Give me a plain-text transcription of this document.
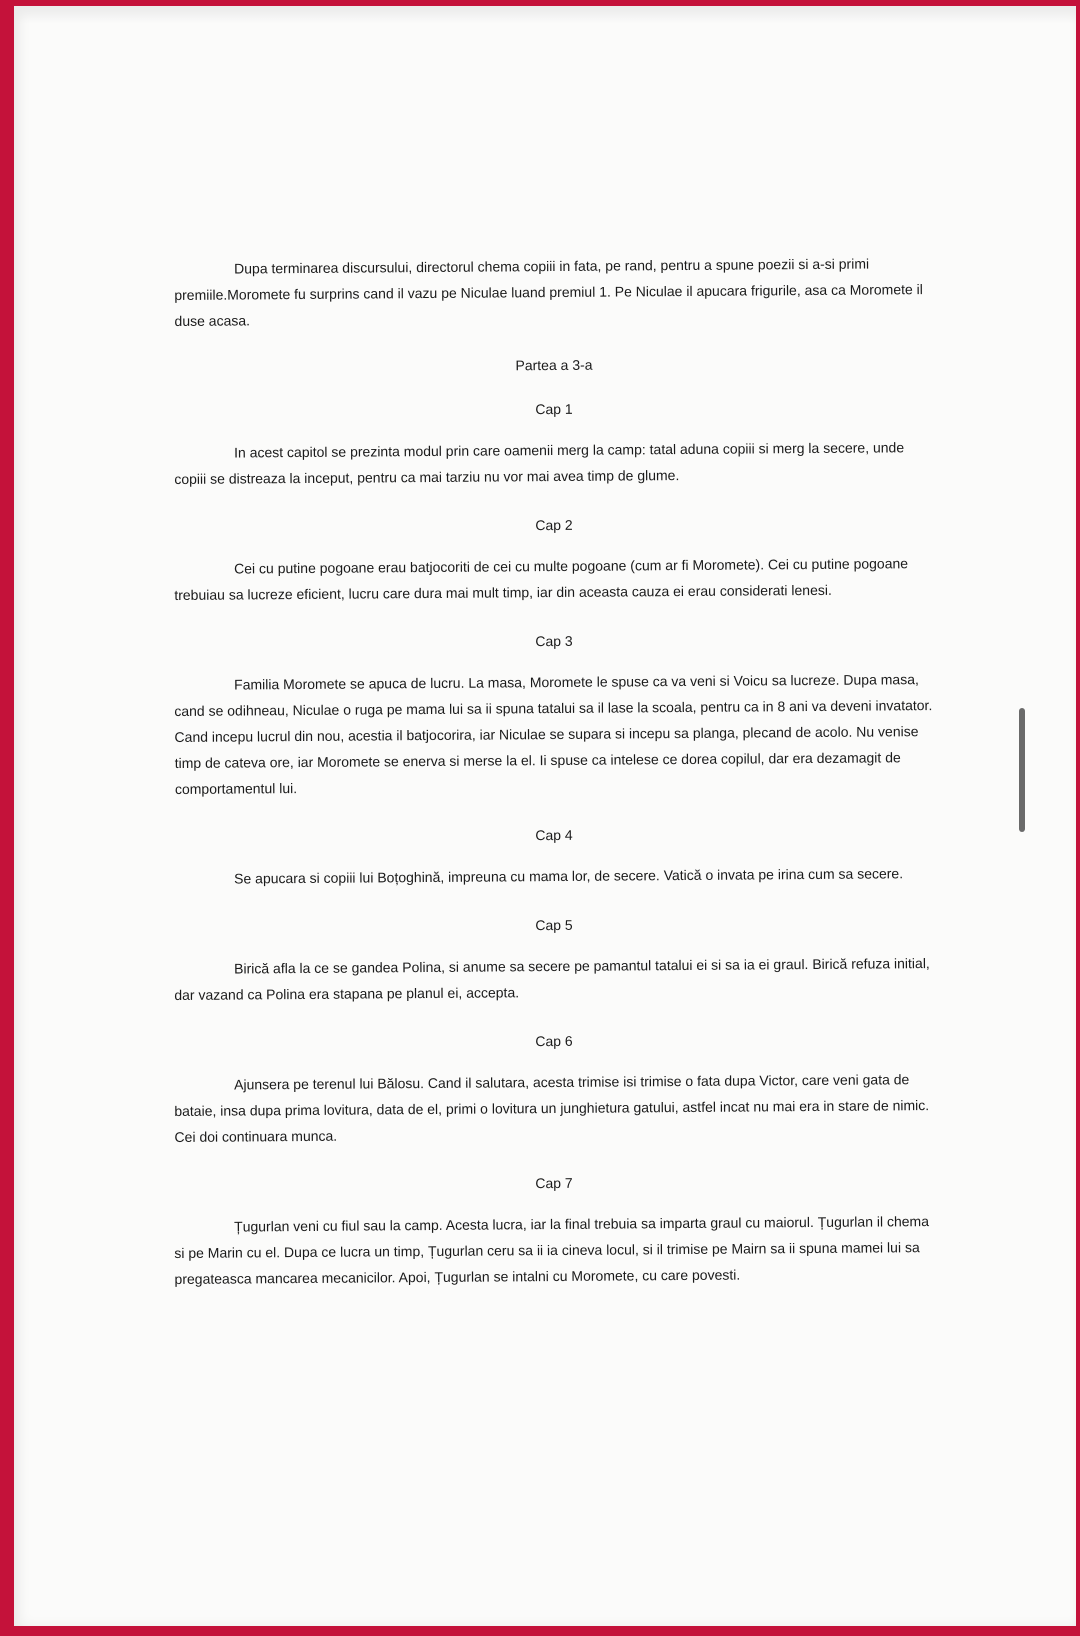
Dupa terminarea discursului, directorul chema copiii in fata, pe rand, pentru a spune poezii si a-si primi premiile.Moromete fu surprins cand il vazu pe Niculae luand premiul 1. Pe Niculae il apucara frigurile, asa ca Moromete il duse acasa.

Partea a 3-a

Cap 1

In acest capitol se prezinta modul prin care oamenii merg la camp: tatal aduna copiii si merg la secere, unde copiii se distreaza la inceput, pentru ca mai tarziu nu vor mai avea timp de glume.

Cap 2

Cei cu putine pogoane erau batjocoriti de cei cu multe pogoane (cum ar fi Moromete). Cei cu putine pogoane trebuiau sa lucreze eficient, lucru care dura mai mult timp, iar din aceasta cauza ei erau considerati lenesi.

Cap 3

Familia Moromete se apuca de lucru. La masa, Moromete le spuse ca va veni si Voicu sa lucreze. Dupa masa, cand se odihneau, Niculae o ruga pe mama lui sa ii spuna tatalui sa il lase la scoala, pentru ca in 8 ani va deveni invatator. Cand incepu lucrul din nou, acestia il batjocorira, iar Niculae se supara si incepu sa planga, plecand de acolo. Nu venise timp de cateva ore, iar Moromete se enerva si merse la el. Ii spuse ca intelese ce dorea copilul, dar era dezamagit de comportamentul lui.

Cap 4

Se apucara si copiii lui Boțoghină, impreuna cu mama lor, de secere. Vatică o invata pe irina cum sa secere.

Cap 5

Birică afla la ce se gandea Polina, si anume sa secere pe pamantul tatalui ei si sa ia ei graul. Birică refuza initial, dar vazand ca Polina era stapana pe planul ei, accepta.

Cap 6

Ajunsera pe terenul lui Bălosu. Cand il salutara, acesta trimise isi trimise o fata dupa Victor, care veni gata de bataie, insa dupa prima lovitura, data de el, primi o lovitura un junghietura gatului, astfel incat nu mai era in stare de nimic. Cei doi continuara munca.

Cap 7

Țugurlan veni cu fiul sau la camp. Acesta lucra, iar la final trebuia sa imparta graul cu maiorul. Țugurlan il chema si pe Marin cu el. Dupa ce lucra un timp, Țugurlan ceru sa ii ia cineva locul, si il trimise pe Mairn sa ii spuna mamei lui sa pregateasca mancarea mecanicilor. Apoi, Țugurlan se intalni cu Moromete, cu care povesti.
